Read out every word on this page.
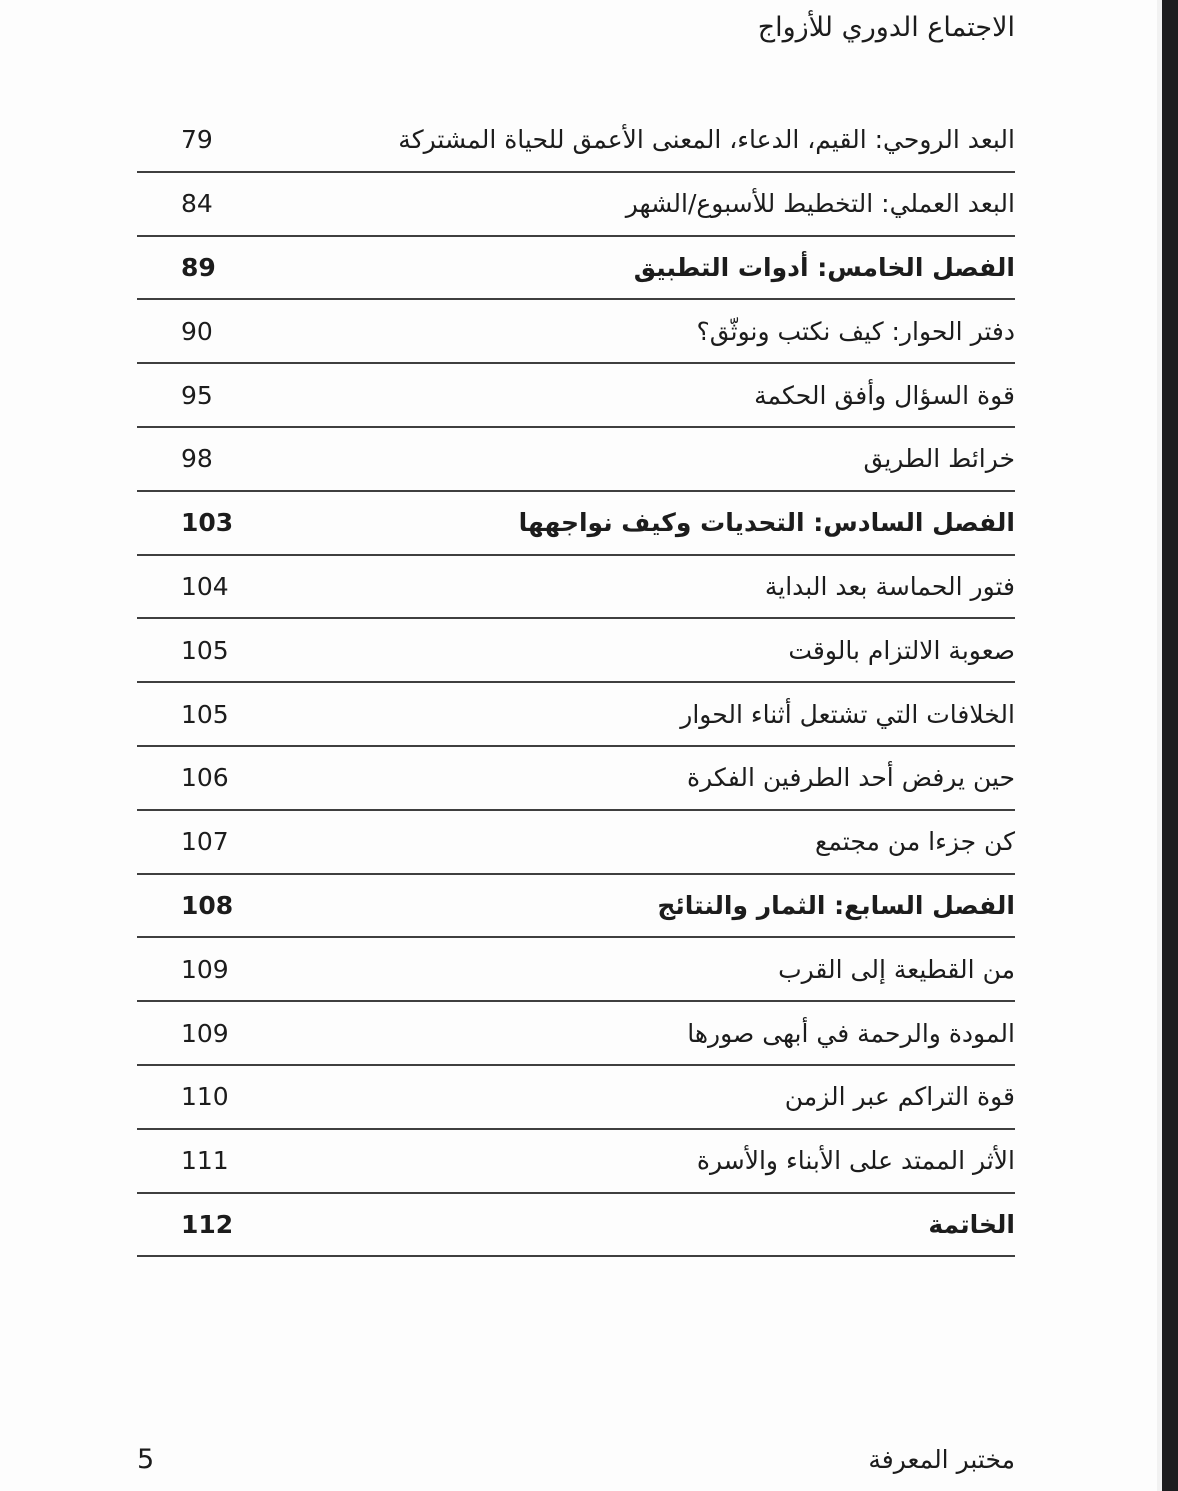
الاجتماع الدوري للأزواج
البعد الروحي: القيم، الدعاء، المعنى الأعمق للحياة المشتركة
79
البعد العملي: التخطيط للأسبوع/الشهر
84
الفصل الخامس: أدوات التطبيق
89
دفتر الحوار: كيف نكتب ونوثّق؟
90
قوة السؤال وأفق الحكمة
95
خرائط الطريق
98
الفصل السادس: التحديات وكيف نواجهها
103
فتور الحماسة بعد البداية
104
صعوبة الالتزام بالوقت
105
الخلافات التي تشتعل أثناء الحوار
105
حين يرفض أحد الطرفين الفكرة
106
كن جزءا من مجتمع
107
الفصل السابع: الثمار والنتائج
108
من القطيعة إلى القرب
109
المودة والرحمة في أبهى صورها
109
قوة التراكم عبر الزمن
110
الأثر الممتد على الأبناء والأسرة
111
الخاتمة
112
مختبر المعرفة
5
